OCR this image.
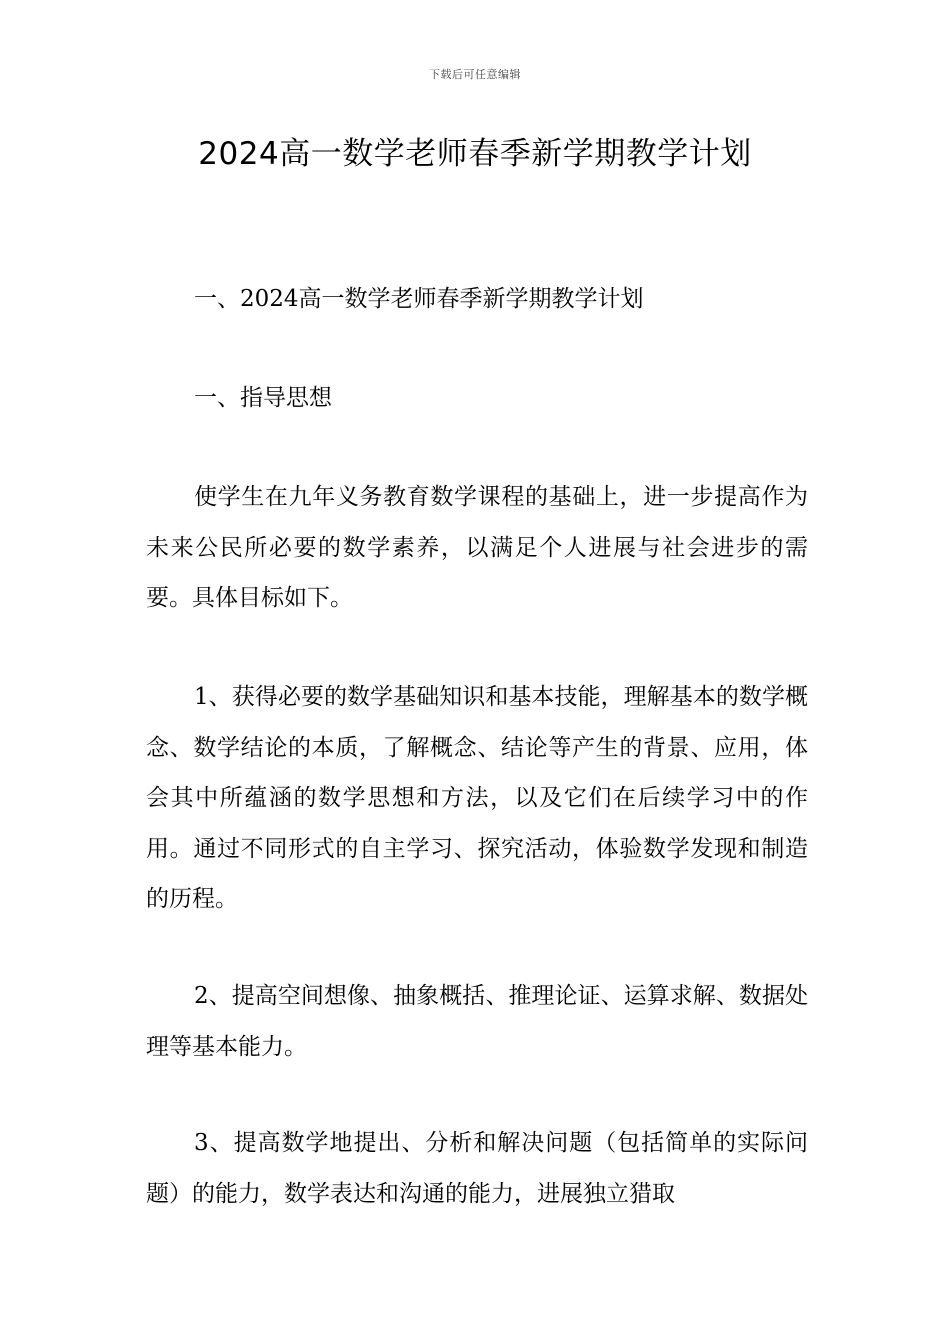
下载后可任意编辑
2024高一数学老师春季新学期教学计划

一、2024高一数学老师春季新学期教学计划

一、指导思想

使学生在九年义务教育数学课程的基础上，进一步提高作为未来公民所必要的数学素养，以满足个人进展与社会进步的需要。具体目标如下。

1、获得必要的数学基础知识和基本技能，理解基本的数学概念、数学结论的本质，了解概念、结论等产生的背景、应用，体会其中所蕴涵的数学思想和方法，以及它们在后续学习中的作用。通过不同形式的自主学习、探究活动，体验数学发现和制造的历程。

2、提高空间想像、抽象概括、推理论证、运算求解、数据处理等基本能力。

3、提高数学地提出、分析和解决问题（包括简单的实际问题）的能力，数学表达和沟通的能力，进展独立猎取
